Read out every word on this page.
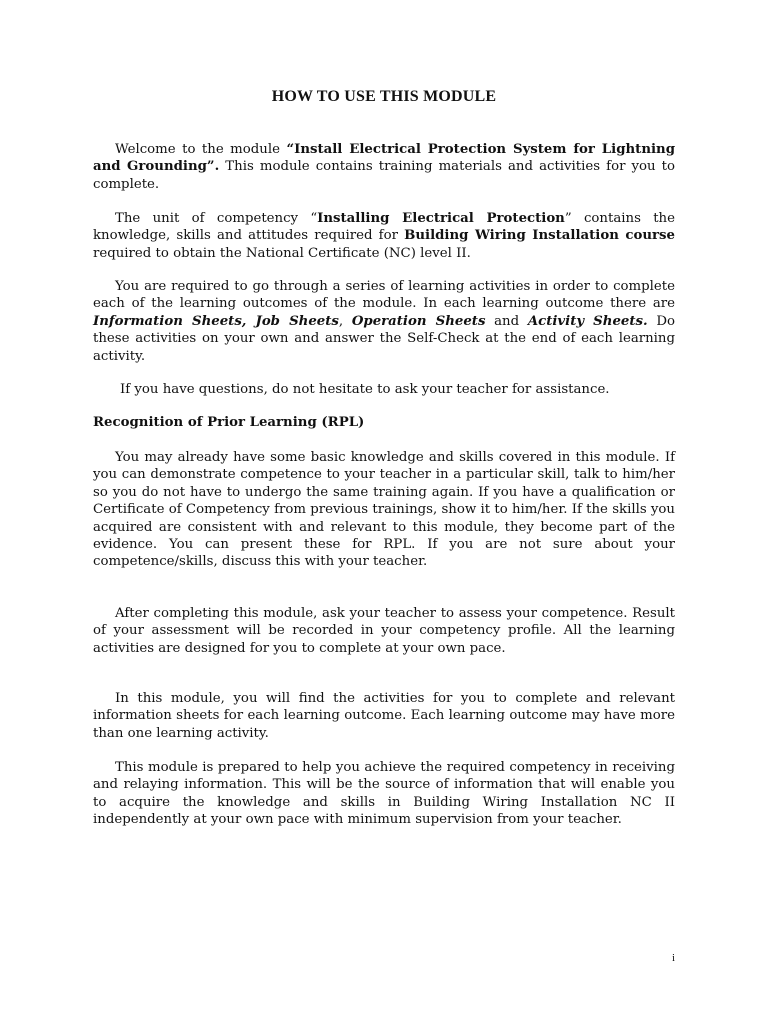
HOW TO USE THIS MODULE

Welcome to the module “Install Electrical Protection System for Lightning and Grounding”. This module contains training materials and activities for you to complete.

The unit of competency “Installing Electrical Protection” contains the knowledge, skills and attitudes required for Building Wiring Installation course required to obtain the National Certificate (NC) level II.

You are required to go through a series of learning activities in order to complete each of the learning outcomes of the module. In each learning outcome there are Information Sheets, Job Sheets, Operation Sheets and Activity Sheets. Do these activities on your own and answer the Self-Check at the end of each learning activity.

If you have questions, do not hesitate to ask your teacher for assistance.

Recognition of Prior Learning (RPL)

You may already have some basic knowledge and skills covered in this module. If you can demonstrate competence to your teacher in a particular skill, talk to him/her so you do not have to undergo the same training again. If you have a qualification or Certificate of Competency from previous trainings, show it to him/her. If the skills you acquired are consistent with and relevant to this module, they become part of the evidence. You can present these for RPL. If you are not sure about your competence/skills, discuss this with your teacher.

After completing this module, ask your teacher to assess your competence. Result of your assessment will be recorded in your competency profile. All the learning activities are designed for you to complete at your own pace.

In this module, you will find the activities for you to complete and relevant information sheets for each learning outcome. Each learning outcome may have more than one learning activity.

This module is prepared to help you achieve the required competency in receiving and relaying information. This will be the source of information that will enable you to acquire the knowledge and skills in Building Wiring Installation NC II independently at your own pace with minimum supervision from your teacher.

i
